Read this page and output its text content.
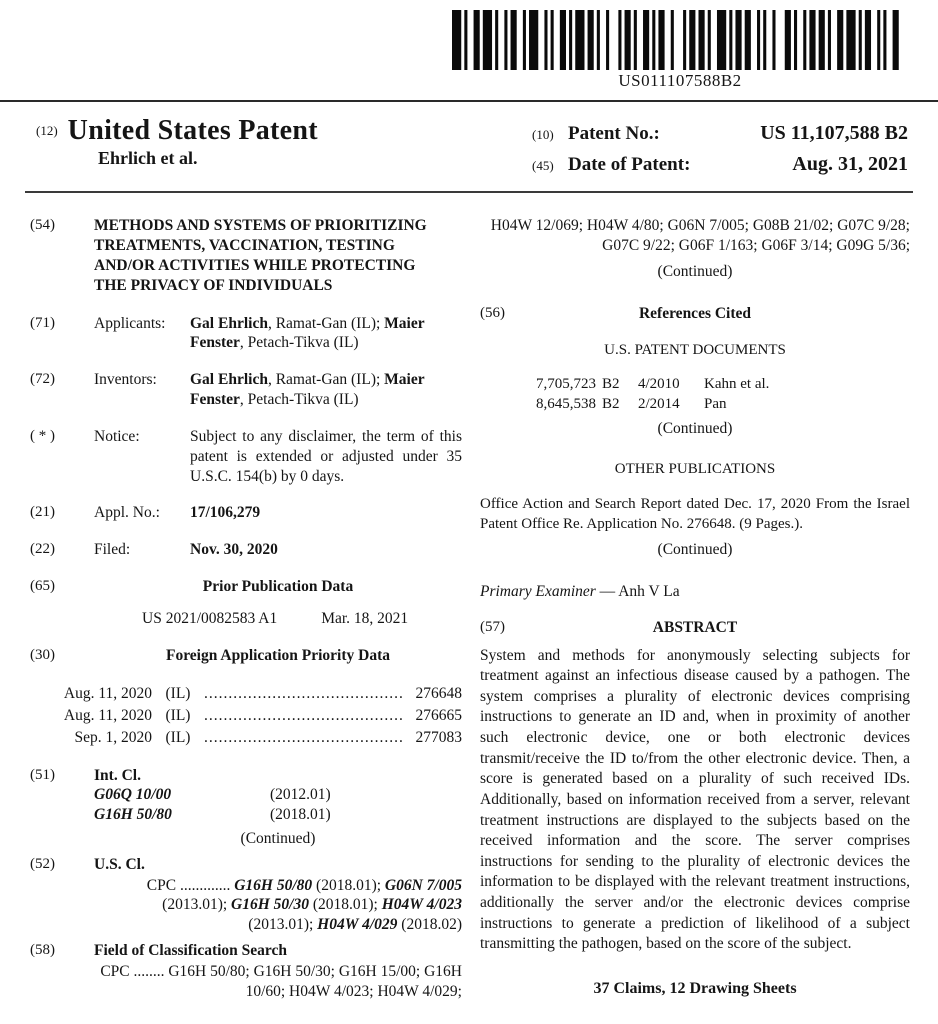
US011107588B2
(12) United States Patent
Ehrlich et al.
(10) Patent No.:	US 11,107,588 B2
(45) Date of Patent:	Aug. 31, 2021
(54)	METHODS AND SYSTEMS OF PRIORITIZING TREATMENTS, VACCINATION, TESTING AND/OR ACTIVITIES WHILE PROTECTING THE PRIVACY OF INDIVIDUALS
(71)	Applicants:	Gal Ehrlich, Ramat-Gan (IL); Maier Fenster, Petach-Tikva (IL)
(72)	Inventors:	Gal Ehrlich, Ramat-Gan (IL); Maier Fenster, Petach-Tikva (IL)
( * )	Notice:	Subject to any disclaimer, the term of this patent is extended or adjusted under 35 U.S.C. 154(b) by 0 days.
(21)	Appl. No.:	17/106,279
(22)	Filed:	Nov. 30, 2020
(65)	Prior Publication Data
US 2021/0082583 A1	Mar. 18, 2021
(30)	Foreign Application Priority Data
Aug. 11, 2020 (IL) .....	276648
Aug. 11, 2020 (IL) .....	276665
Sep. 1, 2020 (IL) .....	277083
(51)	Int. Cl.
G06Q 10/00	(2012.01)
G16H 50/80	(2018.01)
(Continued)
(52)	U.S. Cl.
CPC ............. G16H 50/80 (2018.01); G06N 7/005 (2013.01); G16H 50/30 (2018.01); H04W 4/023 (2013.01); H04W 4/029 (2018.02)
(58)	Field of Classification Search
CPC ........ G16H 50/80; G16H 50/30; G16H 15/00; G16H 10/60; H04W 4/023; H04W 4/029;
H04W 12/069; H04W 4/80; G06N 7/005; G08B 21/02; G07C 9/28; G07C 9/22; G06F 1/163; G06F 3/14; G09G 5/36;
(Continued)
(56)	References Cited
U.S. PATENT DOCUMENTS
7,705,723 B2	4/2010	Kahn et al.
8,645,538 B2	2/2014	Pan
(Continued)
OTHER PUBLICATIONS
Office Action and Search Report dated Dec. 17, 2020 From the Israel Patent Office Re. Application No. 276648. (9 Pages.).
(Continued)
Primary Examiner — Anh V La
(57)	ABSTRACT
System and methods for anonymously selecting subjects for treatment against an infectious disease caused by a pathogen. The system comprises a plurality of electronic devices comprising instructions to generate an ID and, when in proximity of another such electronic device, one or both electronic devices transmit/receive the ID to/from the other electronic device. Then, a score is generated based on a plurality of such received IDs. Additionally, based on information received from a server, relevant treatment instructions are displayed to the subjects based on the received information and the score. The server comprises instructions for sending to the plurality of electronic devices the information to be displayed with the relevant treatment instructions, additionally the server and/or the electronic devices comprise instructions to generate a prediction of likelihood of a subject transmitting the pathogen, based on the score of the subject.
37 Claims, 12 Drawing Sheets
